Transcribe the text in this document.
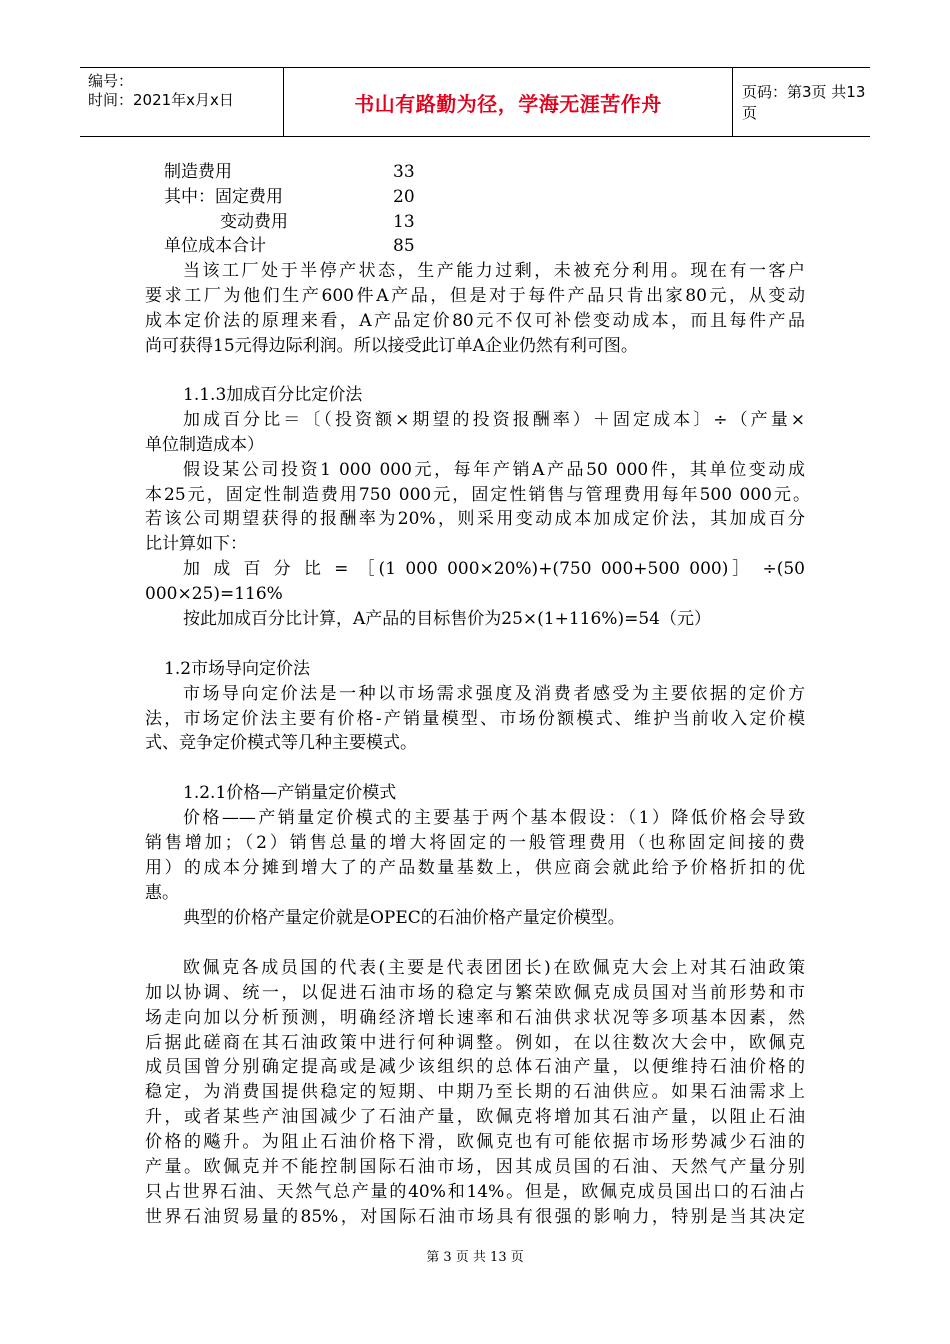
编号：
时间：2021年x月x日	书山有路勤为径，学海无涯苦作舟	页码：第3页 共13页
制造费用	33
其中：固定费用	20
变动费用	13
单位成本合计	85
当该工厂处于半停产状态，生产能力过剩，未被充分利用。现在有一客户
要求工厂为他们生产600件A产品，但是对于每件产品只肯出家80元，从变动
成本定价法的原理来看，A产品定价80元不仅可补偿变动成本，而且每件产品
尚可获得15元得边际利润。所以接受此订单A企业仍然有利可图。
1.1.3加成百分比定价法
加成百分比＝〔（投资额×期望的投资报酬率）＋固定成本〕÷（产量×
单位制造成本）
假设某公司投资1 000 000元，每年产销A产品50 000件，其单位变动成
本25元，固定性制造费用750 000元，固定性销售与管理费用每年500 000元。
若该公司期望获得的报酬率为20%，则采用变动成本加成定价法，其加成百分
比计算如下：
加 成 百 分 比 = ［(1 000 000×20%)+(750 000+500 000)］ ÷(50
000×25)=116%
按此加成百分比计算，A产品的目标售价为25×(1+116%)=54（元）
1.2市场导向定价法
市场导向定价法是一种以市场需求强度及消费者感受为主要依据的定价方
法，市场定价法主要有价格-产销量模型、市场份额模式、维护当前收入定价模
式、竞争定价模式等几种主要模式。
1.2.1价格—产销量定价模式
价格——产销量定价模式的主要基于两个基本假设：（1）降低价格会导致
销售增加；（2）销售总量的增大将固定的一般管理费用（也称固定间接的费
用）的成本分摊到增大了的产品数量基数上，供应商会就此给予价格折扣的优
惠。
典型的价格产量定价就是OPEC的石油价格产量定价模型。
欧佩克各成员国的代表(主要是代表团团长)在欧佩克大会上对其石油政策
加以协调、统一，以促进石油市场的稳定与繁荣欧佩克成员国对当前形势和市
场走向加以分析预测，明确经济增长速率和石油供求状况等多项基本因素，然
后据此磋商在其石油政策中进行何种调整。例如，在以往数次大会中，欧佩克
成员国曾分别确定提高或是减少该组织的总体石油产量，以便维持石油价格的
稳定，为消费国提供稳定的短期、中期乃至长期的石油供应。如果石油需求上
升，或者某些产油国减少了石油产量，欧佩克将增加其石油产量，以阻止石油
价格的飚升。为阻止石油价格下滑，欧佩克也有可能依据市场形势减少石油的
产量。欧佩克并不能控制国际石油市场，因其成员国的石油、天然气产量分别
只占世界石油、天然气总产量的40%和14%。但是，欧佩克成员国出口的石油占
世界石油贸易量的85%，对国际石油市场具有很强的影响力，特别是当其决定
第 3 页 共 13 页
